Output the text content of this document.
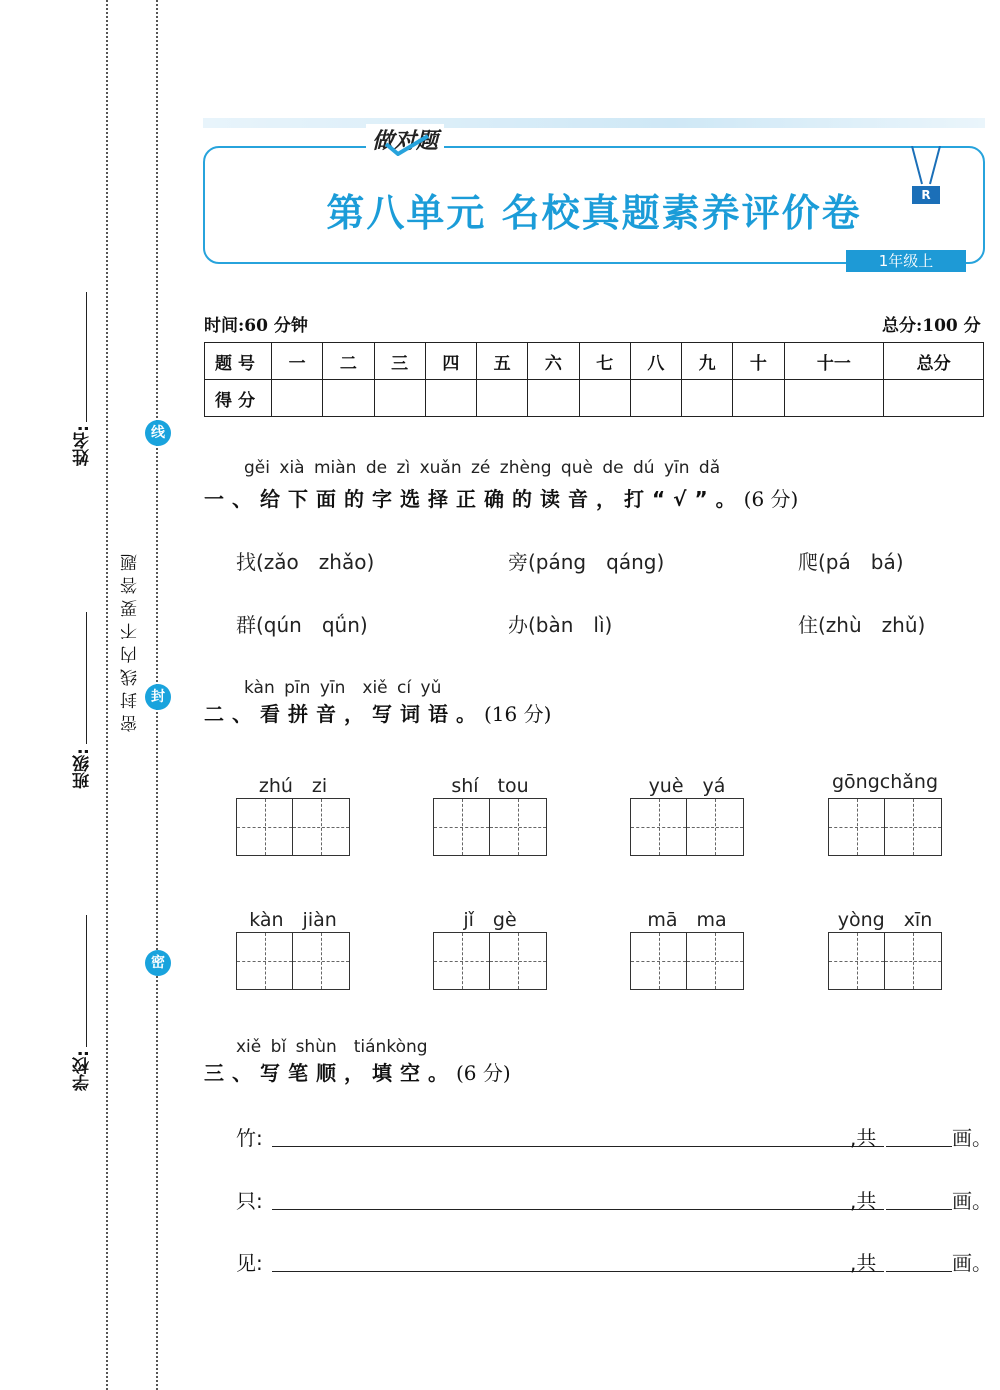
姓名:
班级:
学校:
密封线内不要答题
线
封
密
做对题
第八单元 名校真题素养评价卷	R
1年级上
时间:60 分钟	总分:100 分
题号	一	二	三	四	五	六	七	八	九	十	十一	总分
得分												
gěi xià miàn de zì xuǎn zé zhèng què de dú yīn dǎ
一、给下面的字选择正确的读音，打“√”。(6 分)
找(zǎo　zhǎo)	旁(páng　qáng)	爬(pá　bá)
群(qún　qǘn)	办(bàn　lì)	住(zhù　zhǔ)
kàn pīn yīn　xiě cí yǔ
二、看拼音，写词语。(16 分)
zhú　zi	shí　tou	yuè　yá	gōngchǎng
kàn　jiàn	jǐ　gè	mā　ma	yòng　xīn
xiě bǐ shùn　tiánkòng
三、写笔顺，填空。(6 分)
竹:	,共	画。
只:	,共	画。
见:	,共	画。
